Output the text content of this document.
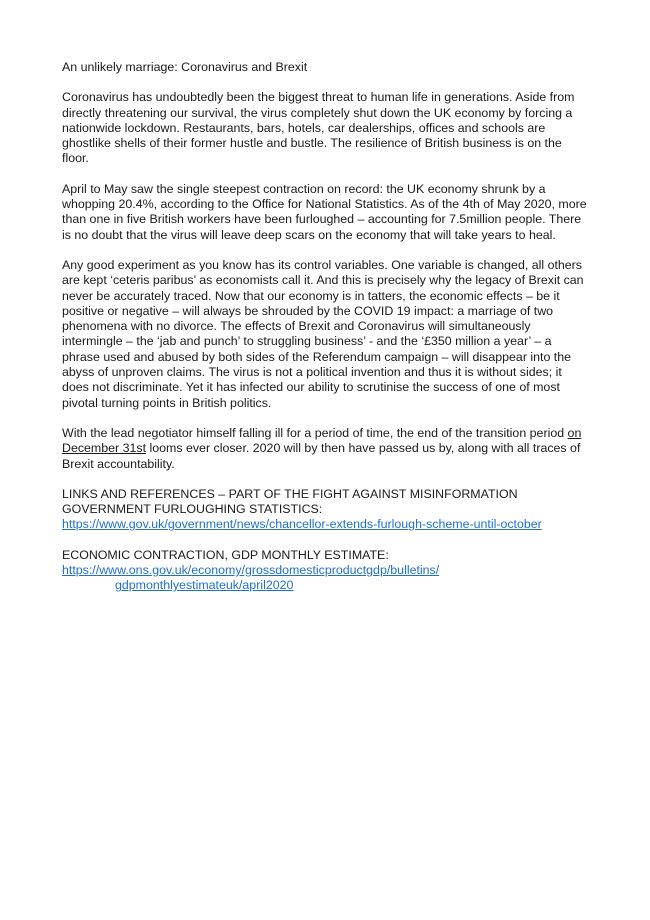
An unlikely marriage: Coronavirus and Brexit

Coronavirus has undoubtedly been the biggest threat to human life in generations. Aside from directly threatening our survival, the virus completely shut down the UK economy by forcing a nationwide lockdown. Restaurants, bars, hotels, car dealerships, offices and schools are ghostlike shells of their former hustle and bustle. The resilience of British business is on the floor.

April to May saw the single steepest contraction on record: the UK economy shrunk by a whopping 20.4%, according to the Office for National Statistics. As of the 4th of May 2020, more than one in five British workers have been furloughed – accounting for 7.5million people. There is no doubt that the virus will leave deep scars on the economy that will take years to heal.

Any good experiment as you know has its control variables. One variable is changed, all others are kept ‘ceteris paribus’ as economists call it. And this is precisely why the legacy of Brexit can never be accurately traced. Now that our economy is in tatters, the economic effects – be it positive or negative – will always be shrouded by the COVID 19 impact: a marriage of two phenomena with no divorce. The effects of Brexit and Coronavirus will simultaneously intermingle – the ‘jab and punch’ to struggling business’ - and the ‘£350 million a year’ – a phrase used and abused by both sides of the Referendum campaign – will disappear into the abyss of unproven claims. The virus is not a political invention and thus it is without sides; it does not discriminate. Yet it has infected our ability to scrutinise the success of one of most pivotal turning points in British politics.

With the lead negotiator himself falling ill for a period of time, the end of the transition period on December 31st looms ever closer. 2020 will by then have passed us by, along with all traces of Brexit accountability.

LINKS AND REFERENCES – PART OF THE FIGHT AGAINST MISINFORMATION
GOVERNMENT FURLOUGHING STATISTICS:
https://www.gov.uk/government/news/chancellor-extends-furlough-scheme-until-october
ECONOMIC CONTRACTION, GDP MONTHLY ESTIMATE:
https://www.ons.gov.uk/economy/grossdomesticproductgdp/bulletins/
gdpmonthlyestimateuk/april2020
